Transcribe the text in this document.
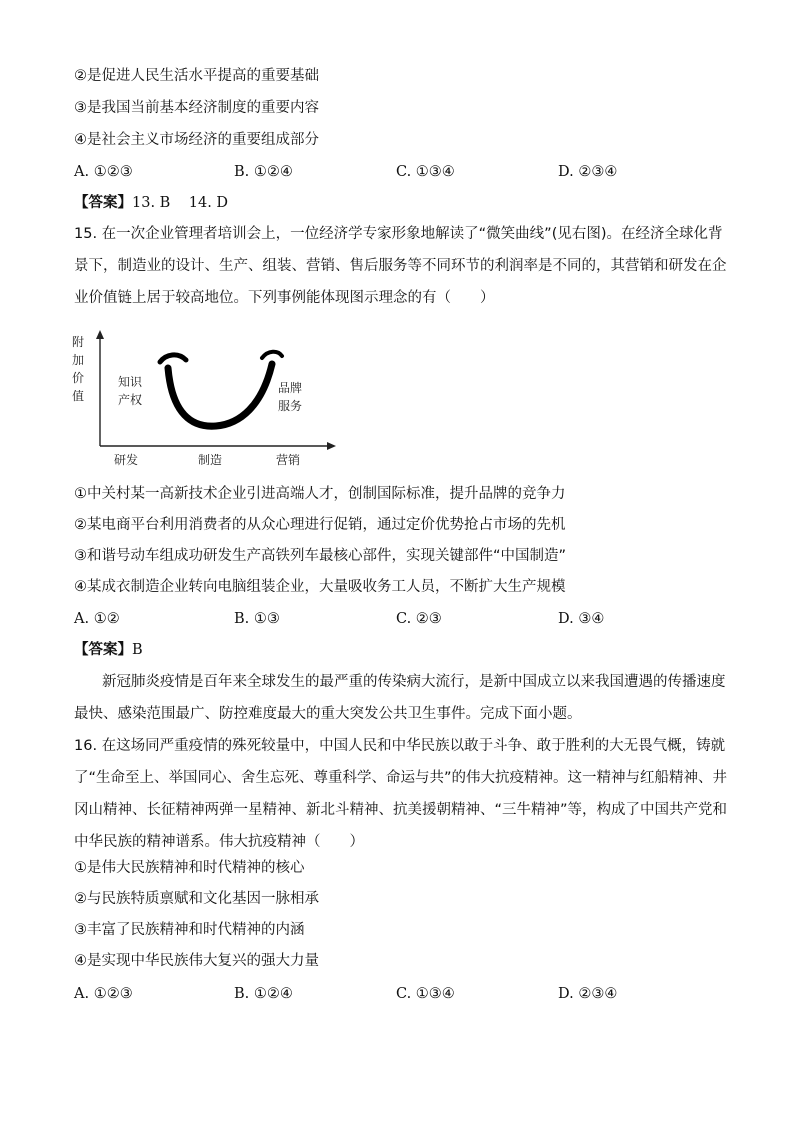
②是促进人民生活水平提高的重要基础
③是我国当前基本经济制度的重要内容
④是社会主义市场经济的重要组成部分
A. ①②③	B. ①②④	C. ①③④	D. ②③④
【答案】13. B    14. D
15. 在一次企业管理者培训会上，一位经济学专家形象地解读了“微笑曲线”(见右图)。在经济全球化背景下，制造业的设计、生产、组装、营销、售后服务等不同环节的利润率是不同的，其营销和研发在企业价值链上居于较高地位。下列事例能体现图示理念的有（　　）
附
加
价
值
知识
产权
品牌
服务
研发	制造	营销
①中关村某一高新技术企业引进高端人才，创制国际标准，提升品牌的竞争力
②某电商平台利用消费者的从众心理进行促销，通过定价优势抢占市场的先机
③和谐号动车组成功研发生产高铁列车最核心部件，实现关键部件“中国制造”
④某成衣制造企业转向电脑组装企业，大量吸收务工人员，不断扩大生产规模
A. ①②	B. ①③	C. ②③	D. ③④
【答案】B
新冠肺炎疫情是百年来全球发生的最严重的传染病大流行，是新中国成立以来我国遭遇的传播速度最快、感染范围最广、防控难度最大的重大突发公共卫生事件。完成下面小题。
16. 在这场同严重疫情的殊死较量中，中国人民和中华民族以敢于斗争、敢于胜利的大无畏气概，铸就了“生命至上、举国同心、舍生忘死、尊重科学、命运与共”的伟大抗疫精神。这一精神与红船精神、井冈山精神、长征精神两弹一星精神、新北斗精神、抗美援朝精神、“三牛精神”等，构成了中国共产党和中华民族的精神谱系。伟大抗疫精神（　　）
①是伟大民族精神和时代精神的核心
②与民族特质禀赋和文化基因一脉相承
③丰富了民族精神和时代精神的内涵
④是实现中华民族伟大复兴的强大力量
A. ①②③	B. ①②④	C. ①③④	D. ②③④
